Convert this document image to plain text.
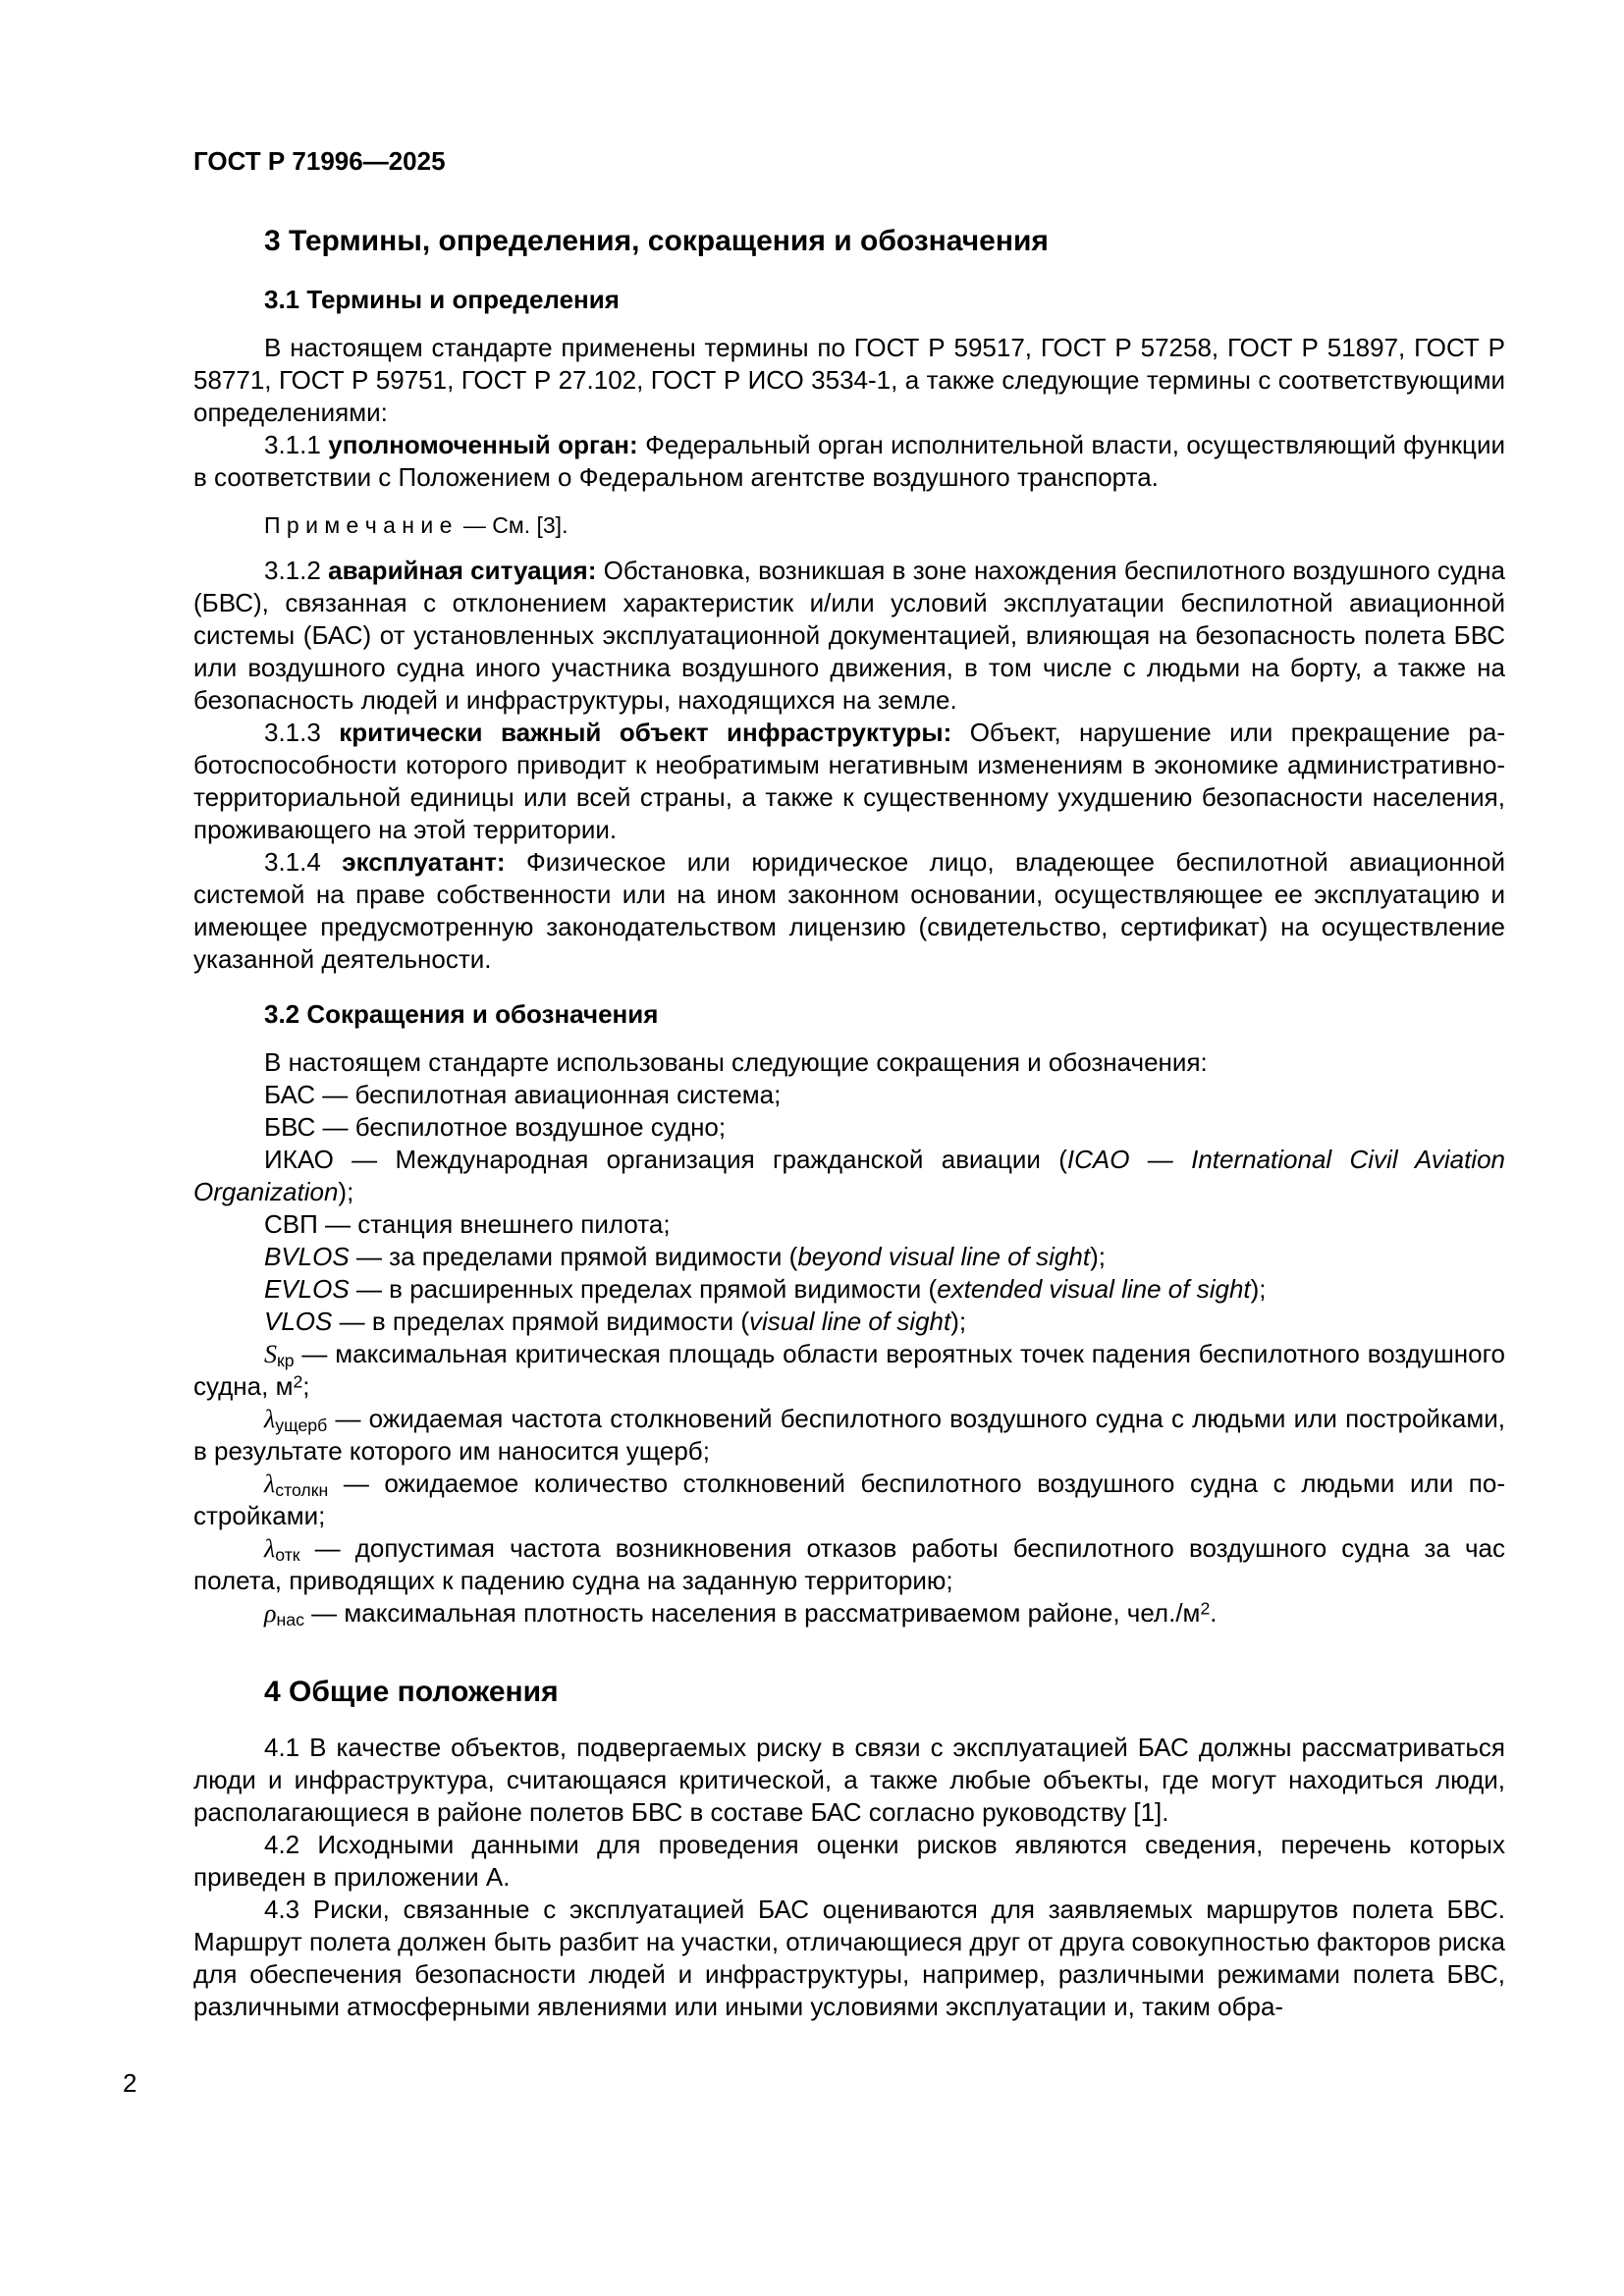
ГОСТ Р 71996—2025
3 Термины, определения, сокращения и обозначения
3.1 Термины и определения
В настоящем стандарте применены термины по ГОСТ Р 59517, ГОСТ Р 57258, ГОСТ Р 51897, ГОСТ Р 58771, ГОСТ Р 59751, ГОСТ Р 27.102, ГОСТ Р ИСО 3534-1, а также следующие термины с соответствующими определениями:
3.1.1 уполномоченный орган: Федеральный орган исполнительной власти, осуществляющий функции в соответствии с Положением о Федеральном агентстве воздушного транспорта.
П р и м е ч а н и е — См. [3].
3.1.2 аварийная ситуация: Обстановка, возникшая в зоне нахождения беспилотного воздушного судна (БВС), связанная с отклонением характеристик и/или условий эксплуатации беспилотной авиационной системы (БАС) от установленных эксплуатационной документацией, влияющая на безопасность полета БВС или воздушного судна иного участника воздушного движения, в том числе с людьми на борту, а также на безопасность людей и инфраструктуры, находящихся на земле.
3.1.3 критически важный объект инфраструктуры: Объект, нарушение или прекращение работоспособности которого приводит к необратимым негативным изменениям в экономике административно-территориальной единицы или всей страны, а также к существенному ухудшению безопасности населения, проживающего на этой территории.
3.1.4 эксплуатант: Физическое или юридическое лицо, владеющее беспилотной авиационной системой на праве собственности или на ином законном основании, осуществляющее ее эксплуатацию и имеющее предусмотренную законодательством лицензию (свидетельство, сертификат) на осуществление указанной деятельности.
3.2 Сокращения и обозначения
В настоящем стандарте использованы следующие сокращения и обозначения:
БАС — беспилотная авиационная система;
БВС — беспилотное воздушное судно;
ИКАО — Международная организация гражданской авиации (ICAO — International Civil Aviation Organization);
СВП — станция внешнего пилота;
BVLOS — за пределами прямой видимости (beyond visual line of sight);
EVLOS — в расширенных пределах прямой видимости (extended visual line of sight);
VLOS — в пределах прямой видимости (visual line of sight);
$S_{кр}$ — максимальная критическая площадь области вероятных точек падения беспилотного воздушного судна, $м^2$;
$\lambda_{ущерб}$ — ожидаемая частота столкновений беспилотного воздушного судна с людьми или постройками, в результате которого им наносится ущерб;
$\lambda_{столкн}$ — ожидаемое количество столкновений беспилотного воздушного судна с людьми или постройками;
$\lambda_{отк}$ — допустимая частота возникновения отказов работы беспилотного воздушного судна за час полета, приводящих к падению судна на заданную территорию;
$\rho_{нас}$ — максимальная плотность населения в рассматриваемом районе, $чел./м^2$.
4 Общие положения
4.1 В качестве объектов, подвергаемых риску в связи с эксплуатацией БАС должны рассматриваться люди и инфраструктура, считающаяся критической, а также любые объекты, где могут находиться люди, располагающиеся в районе полетов БВС в составе БАС согласно руководству [1].
4.2 Исходными данными для проведения оценки рисков являются сведения, перечень которых приведен в приложении А.
4.3 Риски, связанные с эксплуатацией БАС оцениваются для заявляемых маршрутов полета БВС. Маршрут полета должен быть разбит на участки, отличающиеся друг от друга совокупностью факторов риска для обеспечения безопасности людей и инфраструктуры, например, различными режимами полета БВС, различными атмосферными явлениями или иными условиями эксплуатации и, таким обра-
2
